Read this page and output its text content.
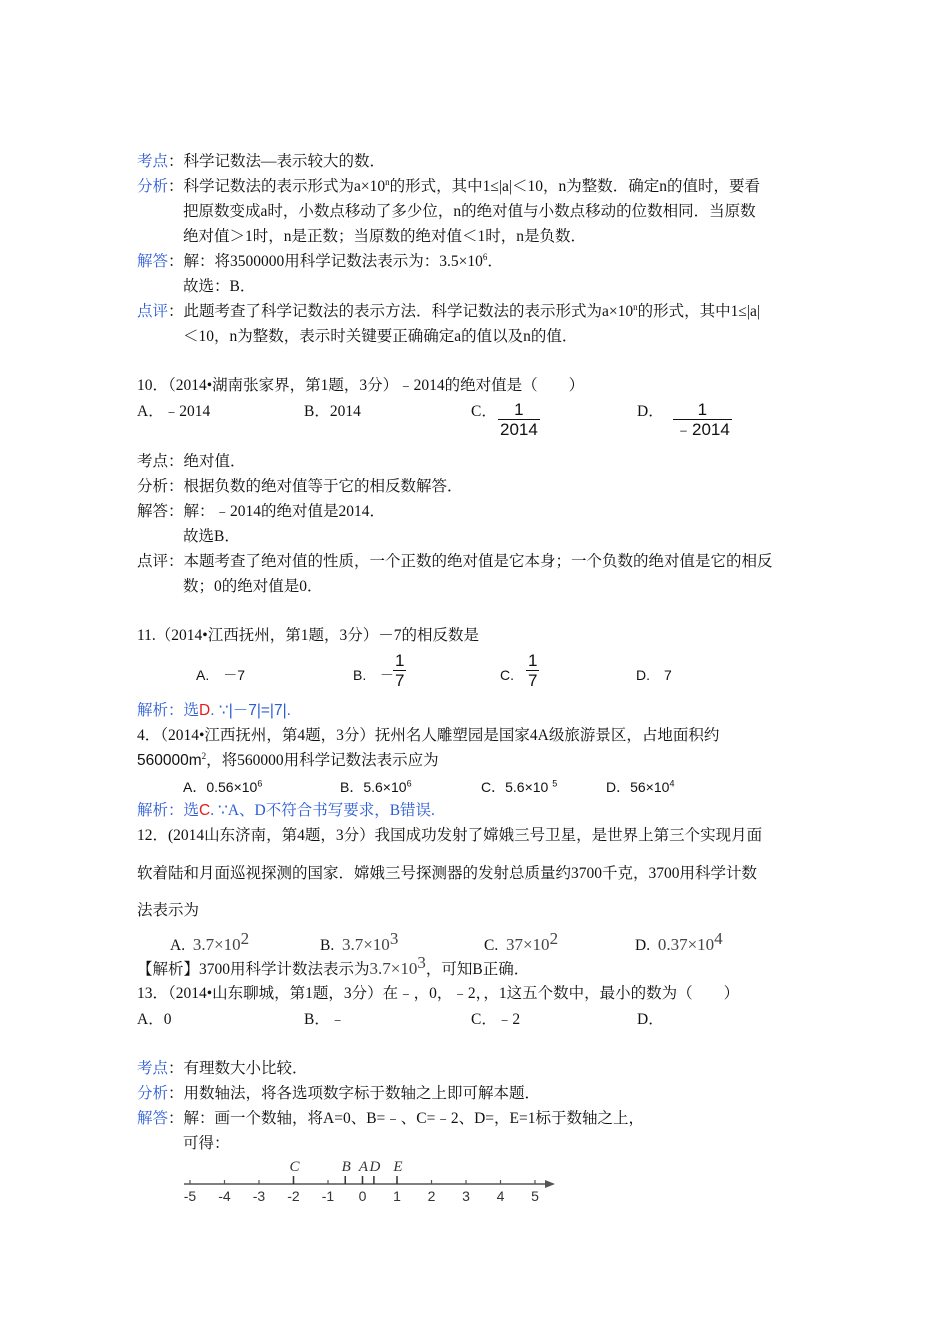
考点：科学记数法—表示较大的数．
分析：科学记数法的表示形式为$a\times 10^n$的形式，其中1≤|a|＜10，n为整数．确定n的值时，要看
把原数变成a时，小数点移动了多少位，n的绝对值与小数点移动的位数相同．当原数
绝对值＞1时，n是正数；当原数的绝对值＜1时，n是负数．
解答：解：将3500000用科学记数法表示为：$3.5\times 10^6$．
故选：B．
点评：此题考查了科学记数法的表示方法．科学记数法的表示形式为$a\times 10^n$的形式，其中1≤|a|
＜10，n为整数，表示时关键要正确确定a的值以及n的值．
10．（2014•湖南张家界，第1题，3分）﹣2014的绝对值是（　　）
A．﹣2014	B．2014	C． $\frac{1}{2014}$	D． $\frac{1}{﹣2014}$
考点：绝对值．
分析：根据负数的绝对值等于它的相反数解答．
解答：解：﹣2014的绝对值是2014．
故选B．
点评：本题考查了绝对值的性质，一个正数的绝对值是它本身；一个负数的绝对值是它的相反
数；0的绝对值是0．
11.（2014•江西抚州，第1题，3分）－7的相反数是
A.　－7	B. － $\frac{1}{7}$	C. $\frac{1}{7}$	D.　7
解析：选D. ∵|－7|=|7|.
4．（2014•江西抚州，第4题，3分）抚州名人雕塑园是国家4A级旅游景区，占地面积约
$560000m^2$，将560000用科学记数法表示应为
A．$0.56\times 10^6$	B．$5.6\times 10^6$	C．5.6×10 $^5$	D．$56\times 10^4$
解析：选C. ∵A、D不符合书写要求，B错误.
12．(2014山东济南，第4题，3分）我国成功发射了嫦娥三号卫星，是世界上第三个实现月面
软着陆和月面巡视探测的国家．嫦娥三号探测器的发射总质量约3700千克，3700用科学计数
法表示为
A. $3.7\times 10^2$	B. $3.7\times 10^3$	C. $37\times 10^2$	D. $0.37\times 10^4$
【解析】3700用科学计数法表示为$3.7\times 10^3$，可知B正确．
13．（2014•山东聊城，第1题，3分）在﹣，0，﹣2，，1这五个数中，最小的数为（　　）
A．0	B．﹣	C．﹣2	D．
考点：有理数大小比较．
分析：用数轴法，将各选项数字标于数轴之上即可解本题．
解答：解：画一个数轴，将A=0、B=﹣、C=﹣2、D=，E=1标于数轴之上，
可得：
-5 -4 -3 -2 -1 0 1 2 3 4 5
C	B A D E
